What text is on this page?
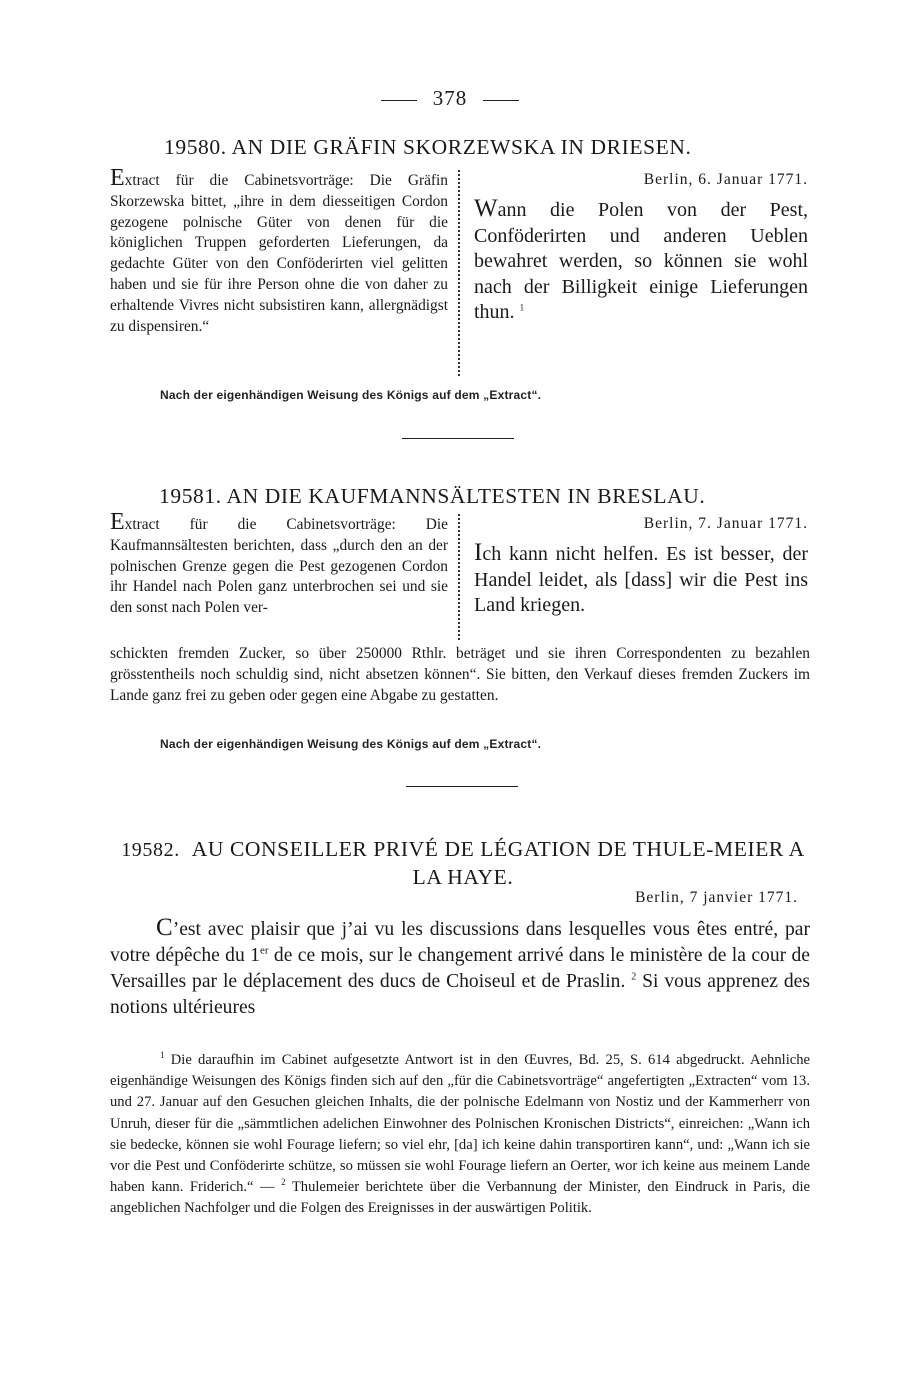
378
19580. AN DIE GRÄFIN SKORZEWSKA IN DRIESEN.

Extract für die Cabinetsvorträge: Die Gräfin Skorzewska bittet, „ihre in dem diesseitigen Cordon gezogene polnische Güter von denen für die königlichen Truppen geforderten Lieferungen, da gedachte Güter von den Conföderirten viel gelitten haben und sie für ihre Person ohne die von daher zu erhaltende Vivres nicht subsistiren kann, allergnädigst zu dispensiren.“

Berlin, 6. Januar 1771.
Wann die Polen von der Pest, Conföderirten und anderen Ueblen bewahret werden, so können sie wohl nach der Billigkeit einige Lieferungen thun. $^1$
Nach der eigenhändigen Weisung des Königs auf dem „Extract“.
19581. AN DIE KAUFMANNSÄLTESTEN IN BRESLAU.

Extract für die Cabinetsvorträge: Die Kaufmannsältesten berichten, dass „durch den an der polnischen Grenze gegen die Pest gezogenen Cordon ihr Handel nach Polen ganz unterbrochen sei und sie den sonst nach Polen ver-

Berlin, 7. Januar 1771.
Ich kann nicht helfen. Es ist besser, der Handel leidet, als [dass] wir die Pest ins Land kriegen.

schickten fremden Zucker, so über 250000 Rthlr. beträget und sie ihren Correspondenten zu bezahlen grösstentheils noch schuldig sind, nicht absetzen können“. Sie bitten, den Verkauf dieses fremden Zuckers im Lande ganz frei zu geben oder gegen eine Abgabe zu gestatten.

Nach der eigenhändigen Weisung des Königs auf dem „Extract“.
19582. AU CONSEILLER PRIVÉ DE LÉGATION DE THULE-MEIER A LA HAYE.
Berlin, 7 janvier 1771.

C’est avec plaisir que j’ai vu les discussions dans lesquelles vous êtes entré, par votre dépêche du 1er de ce mois, sur le changement arrivé dans le ministère de la cour de Versailles par le déplacement des ducs de Choiseul et de Praslin. $^2$ Si vous apprenez des notions ultérieures

$^1$ Die daraufhin im Cabinet aufgesetzte Antwort ist in den Œuvres, Bd. 25, S. 614 abgedruckt. Aehnliche eigenhändige Weisungen des Königs finden sich auf den „für die Cabinetsvorträge“ angefertigten „Extracten“ vom 13. und 27. Januar auf den Gesuchen gleichen Inhalts, die der polnische Edelmann von Nostiz und der Kammerherr von Unruh, dieser für die „sämmtlichen adelichen Einwohner des Polnischen Kronischen Districts“, einreichen: „Wann ich sie bedecke, können sie wohl Fourage liefern; so viel ehr, [da] ich keine dahin transportiren kann“, und: „Wann ich sie vor die Pest und Conföderirte schütze, so müssen sie wohl Fourage liefern an Oerter, wor ich keine aus meinem Lande haben kann. Friderich.“ — $^2$ Thulemeier berichtete über die Verbannung der Minister, den Eindruck in Paris, die angeblichen Nachfolger und die Folgen des Ereignisses in der auswärtigen Politik.
